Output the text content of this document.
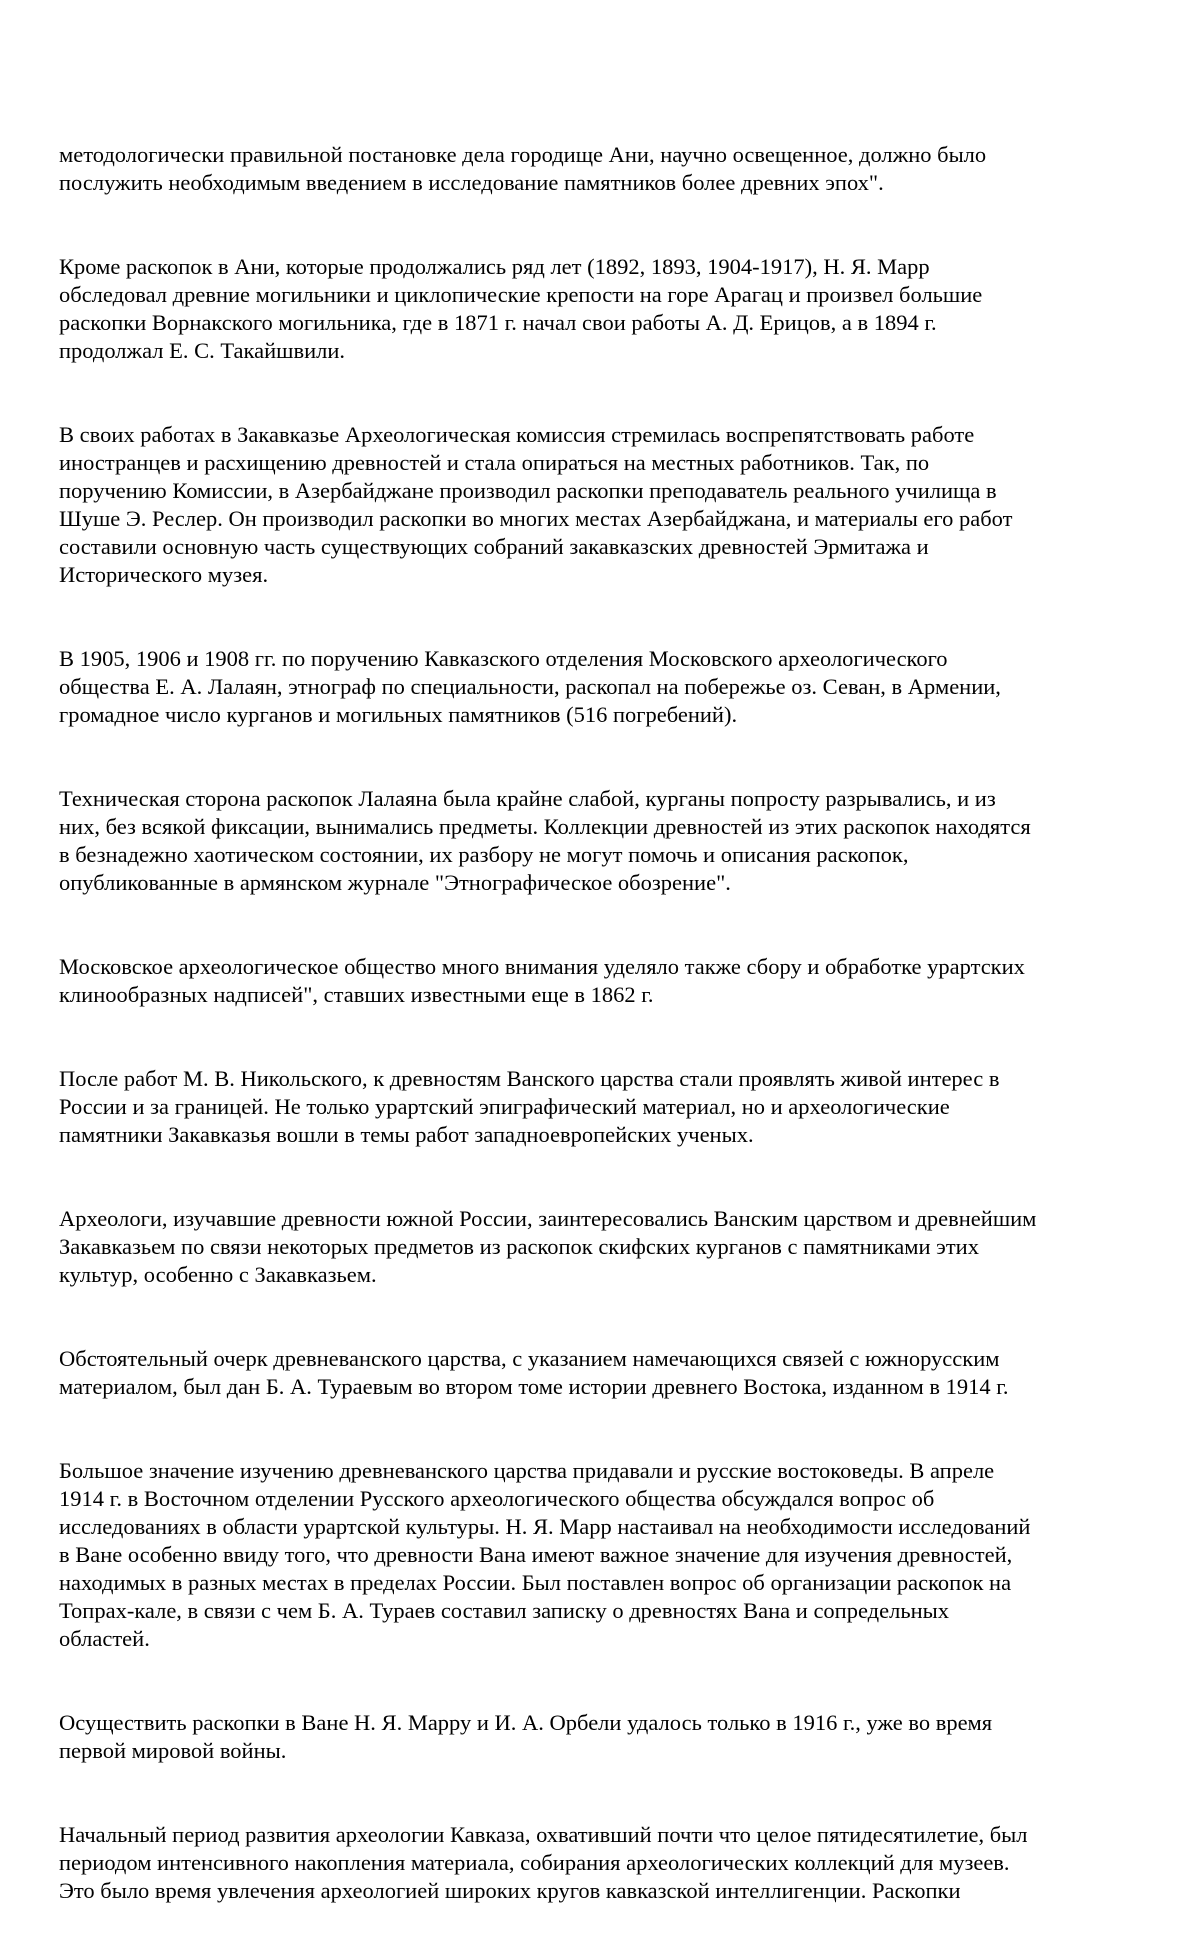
методологически правильной постановке дела городище Ани, научно освещенное, должно было
послужить необходимым введением в исследование памятников более древних эпох".

Кроме раскопок в Ани, которые продолжались ряд лет (1892, 1893, 1904-1917), Н. Я. Марр
обследовал древние могильники и циклопические крепости на горе Арагац и произвел большие
раскопки Ворнакского могильника, где в 1871 г. начал свои работы А. Д. Ерицов, а в 1894 г.
продолжал Е. С. Такайшвили.

В своих работах в Закавказье Археологическая комиссия стремилась воспрепятствовать работе
иностранцев и расхищению древностей и стала опираться на местных работников. Так, по
поручению Комиссии, в Азербайджане производил раскопки преподаватель реального училища в
Шуше Э. Реслер. Он производил раскопки во многих местах Азербайджана, и материалы его работ
составили основную часть существующих собраний закавказских древностей Эрмитажа и
Исторического музея.

В 1905, 1906 и 1908 гг. по поручению Кавказского отделения Московского археологического
общества Е. А. Лалаян, этнограф по специальности, раскопал на побережье оз. Севан, в Армении,
громадное число курганов и могильных памятников (516 погребений).

Техническая сторона раскопок Лалаяна была крайне слабой, курганы попросту разрывались, и из
них, без всякой фиксации, вынимались предметы. Коллекции древностей из этих раскопок находятся
в безнадежно хаотическом состоянии, их разбору не могут помочь и описания раскопок,
опубликованные в армянском журнале "Этнографическое обозрение".

Московское археологическое общество много внимания уделяло также сбору и обработке урартских
клинообразных надписей", ставших известными еще в 1862 г.

После работ М. В. Никольского, к древностям Ванского царства стали проявлять живой интерес в
России и за границей. Не только урартский эпиграфический материал, но и археологические
памятники Закавказья вошли в темы работ западноевропейских ученых.

Археологи, изучавшие древности южной России, заинтересовались Ванским царством и древнейшим
Закавказьем по связи некоторых предметов из раскопок скифских курганов с памятниками этих
культур, особенно с Закавказьем.

Обстоятельный очерк древневанского царства, с указанием намечающихся связей с южнорусским
материалом, был дан Б. А. Тураевым во втором томе истории древнего Востока, изданном в 1914 г.

Большое значение изучению древневанского царства придавали и русские востоковеды. В апреле
1914 г. в Восточном отделении Русского археологического общества обсуждался вопрос об
исследованиях в области урартской культуры. Н. Я. Марр настаивал на необходимости исследований
в Ване особенно ввиду того, что древности Вана имеют важное значение для изучения древностей,
находимых в разных местах в пределах России. Был поставлен вопрос об организации раскопок на
Топрах-кале, в связи с чем Б. А. Тураев составил записку о древностях Вана и сопредельных
областей.

Осуществить раскопки в Ване Н. Я. Марру и И. А. Орбели удалось только в 1916 г., уже во время
первой мировой войны.

Начальный период развития археологии Кавказа, охвативший почти что целое пятидесятилетие, был
периодом интенсивного накопления материала, собирания археологических коллекций для музеев.
Это было время увлечения археологией широких кругов кавказской интеллигенции. Раскопки
